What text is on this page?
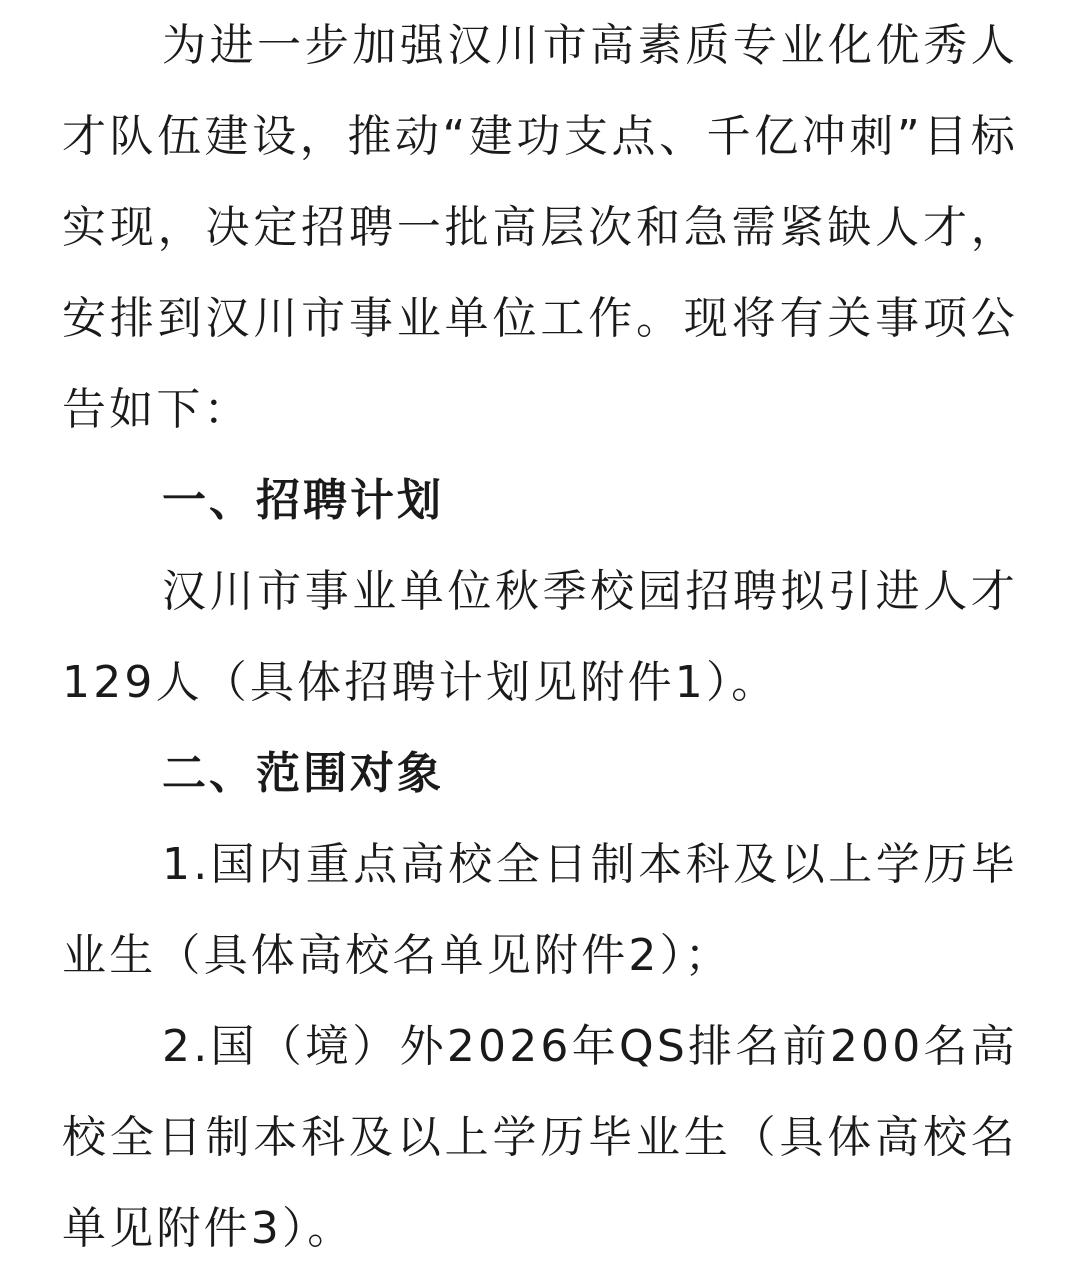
为进一步加强汉川市高素质专业化优秀人才队伍建设，推动“建功支点、千亿冲刺”目标实现，决定招聘一批高层次和急需紧缺人才，安排到汉川市事业单位工作。现将有关事项公告如下：

一、招聘计划

汉川市事业单位秋季校园招聘拟引进人才129人（具体招聘计划见附件1）。

二、范围对象

1.国内重点高校全日制本科及以上学历毕业生（具体高校名单见附件2）；

2.国（境）外2026年QS排名前200名高校全日制本科及以上学历毕业生（具体高校名单见附件3）。
